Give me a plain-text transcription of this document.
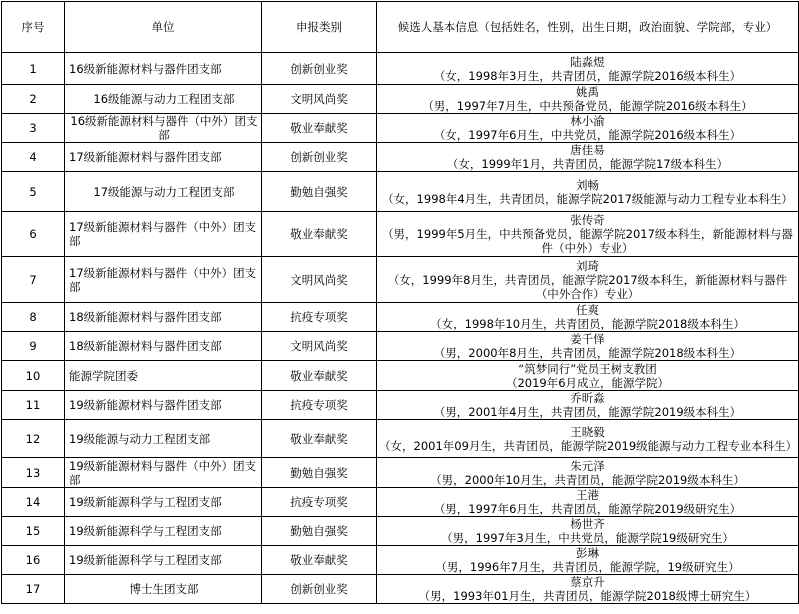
序号	单位	申报类别	候选人基本信息（包括姓名，性别，出生日期，政治面貌、学院部，专业）
1	16级新能源材料与器件团支部	创新创业奖	陆淼煜
（女，1998年3月生，共青团员，能源学院2016级本科生）

2	16级能源与动力工程团支部	文明风尚奖	姚禹
（男，1997年7月生，中共预备党员，能源学院2016级本科生）

3	16级新能源材料与器件（中外）团支部	敬业奉献奖	林小渝
（女，1997年6月生，中共党员，能源学院2016级本科生）

4	17级新能源材料与器件团支部	创新创业奖	唐佳易
（女，1999年1月，共青团员，能源学院17级本科生）

5	17级能源与动力工程团支部	勤勉自强奖	刘畅
（女，1998年4月生，共青团员，能源学院2017级能源与动力工程专业本科生）

6	17级新能源材料与器件（中外）团支部	敬业奉献奖	张传奇
（男，1999年5月生，中共预备党员，能源学院2017级本科生，新能源材料与器件（中外）专业）

7	17级新能源材料与器件（中外）团支部	文明风尚奖	刘琦
（女，1999年8月生，共青团员，能源学院2017级本科生，新能源材料与器件（中外合作）专业）

8	18级新能源材料与器件团支部	抗疫专项奖	任爽
（女，1998年10月生，共青团员，能源学院2018级本科生）

9	18级新能源材料与器件团支部	文明风尚奖	姜千怿
（男，2000年8月生，共青团员，能源学院2018级本科生）

10	能源学院团委	敬业奉献奖	“筑梦同行”党员王树支教团
（2019年6月成立，能源学院）

11	19级新能源材料与器件团支部	抗疫专项奖	乔昕淼
（男，2001年4月生，共青团员，能源学院2019级本科生）

12	19级能源与动力工程团支部	敬业奉献奖	王晓毅
（女，2001年09月生，共青团员，能源学院2019级能源与动力工程专业本科生）

13	19级新能源材料与器件（中外）团支部	勤勉自强奖	朱元泽
（男，2000年10月生，共青团员，能源学院2019级本科生）

14	19级新能源科学与工程团支部	抗疫专项奖	王港
（男，1997年6月生，共青团员，能源学院2019级研究生）

15	19级新能源科学与工程团支部	勤勉自强奖	杨世齐
（男，1997年3月生，中共党员，能源学院19级研究生）

16	19级新能源科学与工程团支部	敬业奉献奖	彭琳
（男，1996年7月生，共青团员，能源学院，19级研究生）

17	博士生团支部	创新创业奖	蔡京升
（男，1993年01月生，共青团员，能源学院2018级博士研究生）
